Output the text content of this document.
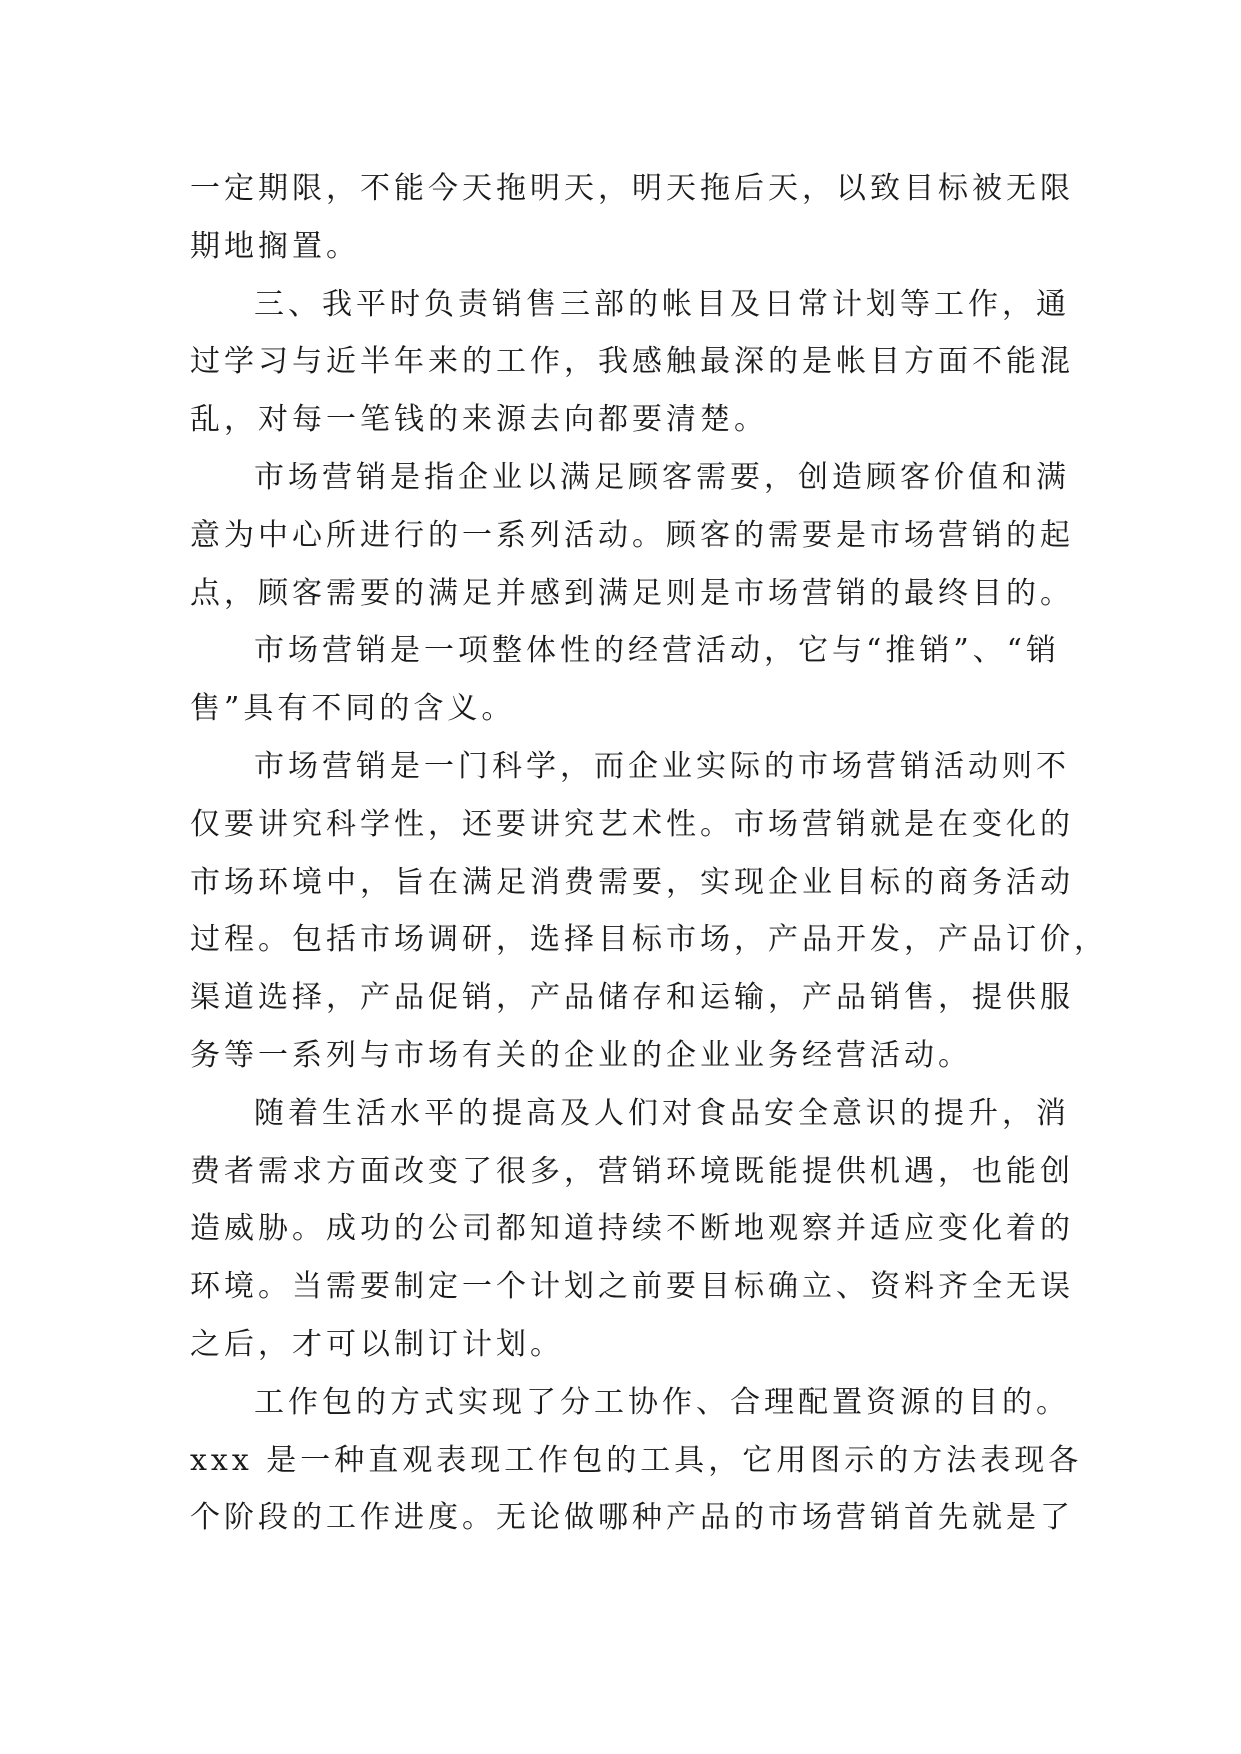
一定期限，不能今天拖明天，明天拖后天，以致目标被无限
期地搁置。
三、我平时负责销售三部的帐目及日常计划等工作，通
过学习与近半年来的工作，我感触最深的是帐目方面不能混
乱，对每一笔钱的来源去向都要清楚。
市场营销是指企业以满足顾客需要，创造顾客价值和满
意为中心所进行的一系列活动。顾客的需要是市场营销的起
点，顾客需要的满足并感到满足则是市场营销的最终目的。
市场营销是一项整体性的经营活动，它与“推销”、“销
售”具有不同的含义。
市场营销是一门科学，而企业实际的市场营销活动则不
仅要讲究科学性，还要讲究艺术性。市场营销就是在变化的
市场环境中，旨在满足消费需要，实现企业目标的商务活动
过程。包括市场调研，选择目标市场，产品开发，产品订价，
渠道选择，产品促销，产品储存和运输，产品销售，提供服
务等一系列与市场有关的企业的企业业务经营活动。
随着生活水平的提高及人们对食品安全意识的提升，消
费者需求方面改变了很多，营销环境既能提供机遇，也能创
造威胁。成功的公司都知道持续不断地观察并适应变化着的
环境。当需要制定一个计划之前要目标确立、资料齐全无误
之后，才可以制订计划。
工作包的方式实现了分工协作、合理配置资源的目的。
xxx 是一种直观表现工作包的工具，它用图示的方法表现各
个阶段的工作进度。无论做哪种产品的市场营销首先就是了
